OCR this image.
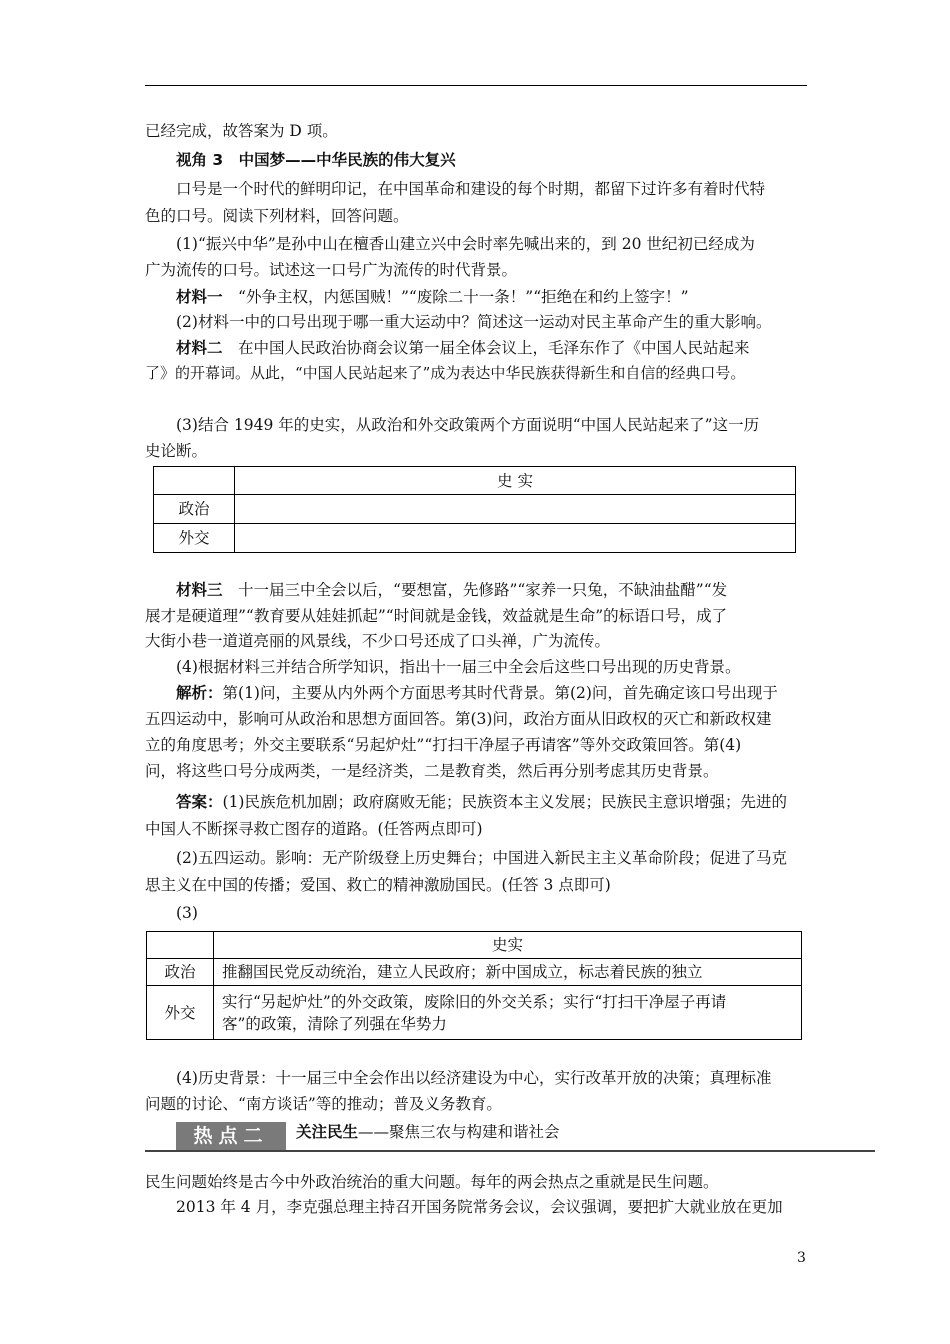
已经完成，故答案为 D 项。
视角 3　中国梦——中华民族的伟大复兴
口号是一个时代的鲜明印记，在中国革命和建设的每个时期，都留下过许多有着时代特
色的口号。阅读下列材料，回答问题。
(1)“振兴中华”是孙中山在檀香山建立兴中会时率先喊出来的，到 20 世纪初已经成为
广为流传的口号。试述这一口号广为流传的时代背景。
材料一  “外争主权，内惩国贼！”“废除二十一条！”“拒绝在和约上签字！”
(2)材料一中的口号出现于哪一重大运动中？简述这一运动对民主革命产生的重大影响。
材料二  在中国人民政治协商会议第一届全体会议上，毛泽东作了《中国人民站起来
了》的开幕词。从此，“中国人民站起来了”成为表达中华民族获得新生和自信的经典口号。
(3)结合 1949 年的史实，从政治和外交政策两个方面说明“中国人民站起来了”这一历
史论断。
	史 实
政治	
外交	
材料三  十一届三中全会以后，“要想富，先修路”“家养一只兔，不缺油盐醋”“发
展才是硬道理”“教育要从娃娃抓起”“时间就是金钱，效益就是生命”的标语口号，成了
大街小巷一道道亮丽的风景线，不少口号还成了口头禅，广为流传。
(4)根据材料三并结合所学知识，指出十一届三中全会后这些口号出现的历史背景。
解析：第(1)问，主要从内外两个方面思考其时代背景。第(2)问，首先确定该口号出现于
五四运动中，影响可从政治和思想方面回答。第(3)问，政治方面从旧政权的灭亡和新政权建
立的角度思考；外交主要联系“另起炉灶”“打扫干净屋子再请客”等外交政策回答。第(4)
问，将这些口号分成两类，一是经济类，二是教育类，然后再分别考虑其历史背景。
答案：(1)民族危机加剧；政府腐败无能；民族资本主义发展；民族民主意识增强；先进的
中国人不断探寻救亡图存的道路。(任答两点即可)
(2)五四运动。影响：无产阶级登上历史舞台；中国进入新民主主义革命阶段；促进了马克
思主义在中国的传播；爱国、救亡的精神激励国民。(任答 3 点即可)
(3)
	史实
政治	推翻国民党反动统治，建立人民政府；新中国成立，标志着民族的独立
外交	实行“另起炉灶”的外交政策，废除旧的外交关系；实行“打扫干净屋子再请
客”的政策，清除了列强在华势力
(4)历史背景：十一届三中全会作出以经济建设为中心，实行改革开放的决策；真理标准
问题的讨论、“南方谈话”等的推动；普及义务教育。
热点二	关注民生——聚焦三农与构建和谐社会
民生问题始终是古今中外政治统治的重大问题。每年的两会热点之重就是民生问题。
2013 年 4 月，李克强总理主持召开国务院常务会议，会议强调，要把扩大就业放在更加
3
